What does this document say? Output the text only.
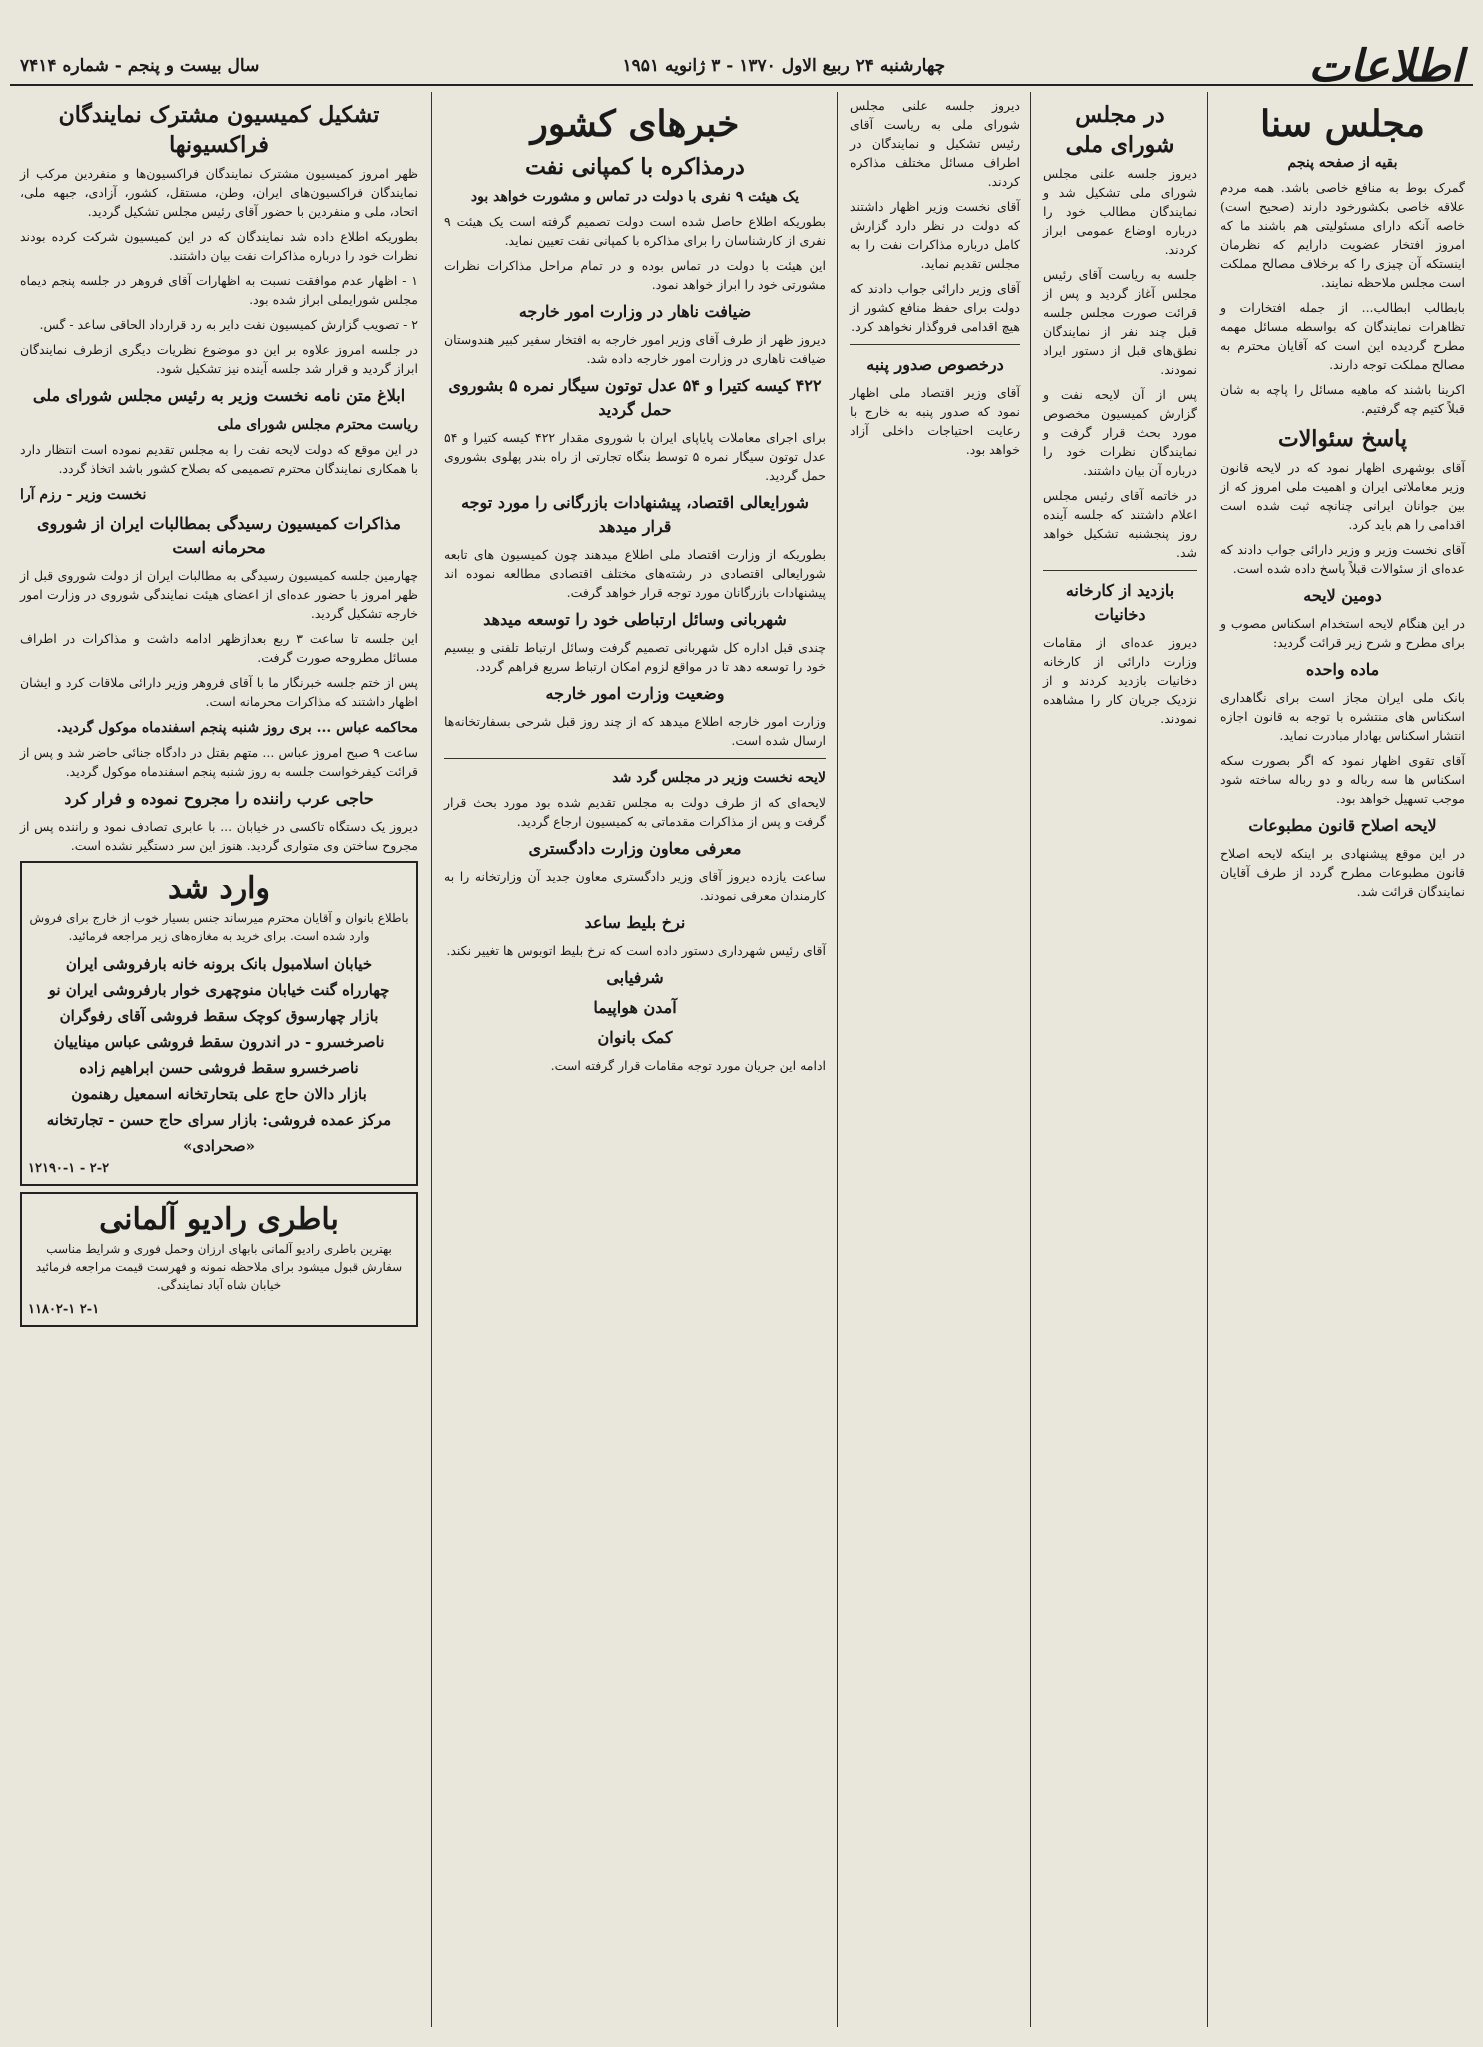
اطلاعات
چهارشنبه ۲۴ ربیع الاول ۱۳۷۰ - ۳ ژانویه ۱۹۵۱
سال بیست و پنجم - شماره ۷۴۱۴
مجلس سنا
بقیه از صفحه پنجم

گمرک بوط به منافع خاصی باشد. همه مردم علاقه خاصی بکشورخود دارند (صحیح است) خاصه آنکه دارای مسئولیتی هم باشند ما که امروز افتخار عضویت دارایم که نظرمان اینستکه آن چیزی را که برخلاف مصالح مملکت است مجلس ملاحظه نمایند.

بابطالب ابطالب... از جمله افتخارات و تظاهرات نمایندگان که بواسطه مسائل مهمه مطرح گردیده این است که آقایان محترم به مصالح مملکت توجه دارند.

اکرینا باشند که ماهیه مسائل را پاچه به شان قبلاً کتیم چه گرفتیم.

پاسخ سئوالات

آقای بوشهری اظهار نمود که در لایحه قانون وزیر معاملاتی ایران و اهمیت ملی امروز که از بین جوانان ایرانی چنانچه ثبت شده است اقدامی را هم باید کرد.

آقای نخست وزیر و وزیر دارائی جواب دادند که عده‌ای از سئوالات قبلاً پاسخ داده شده است.

دومین لایحه

در این هنگام لایحه استخدام اسکناس مصوب و برای مطرح و شرح زیر قرائت گردید:

ماده واحده

بانک ملی ایران مجاز است برای نگاهداری اسکناس های منتشره با توجه به قانون اجازه انتشار اسکناس بهادار مبادرت نماید.

آقای تقوی اظهار نمود که اگر بصورت سکه اسکناس ها سه رباله و دو رباله ساخته شود موجب تسهیل خواهد بود.

لایحه اصلاح قانون مطبوعات

در این موقع پیشنهادی بر اینکه لایحه اصلاح قانون مطبوعات مطرح گردد از طرف آقایان نمایندگان قرائت شد.

در مجلس شورای ملی

دیروز جلسه علنی مجلس شورای ملی تشکیل شد و نمایندگان مطالب خود را درباره اوضاع عمومی ابراز کردند.

جلسه به ریاست آقای رئیس مجلس آغاز گردید و پس از قرائت صورت مجلس جلسه قبل چند نفر از نمایندگان نطق‌های قبل از دستور ایراد نمودند.

پس از آن لایحه نفت و گزارش کمیسیون مخصوص مورد بحث قرار گرفت و نمایندگان نظرات خود را درباره آن بیان داشتند.

در خاتمه آقای رئیس مجلس اعلام داشتند که جلسه آینده روز پنجشنبه تشکیل خواهد شد.

بازدید از کارخانه دخانیات

دیروز عده‌ای از مقامات وزارت دارائی از کارخانه دخانیات بازدید کردند و از نزدیک جریان کار را مشاهده نمودند.

دیروز جلسه علنی مجلس شورای ملی به ریاست آقای رئیس تشکیل و نمایندگان در اطراف مسائل مختلف مذاکره کردند.

آقای نخست وزیر اظهار داشتند که دولت در نظر دارد گزارش کامل درباره مذاکرات نفت را به مجلس تقدیم نماید.

آقای وزیر دارائی جواب دادند که دولت برای حفظ منافع کشور از هیچ اقدامی فروگذار نخواهد کرد.

درخصوص صدور پنبه

آقای وزیر اقتصاد ملی اظهار نمود که صدور پنبه به خارج با رعایت احتیاجات داخلی آزاد خواهد بود.

خبرهای کشور
درمذاکره با کمپانی نفت
یک هیئت ۹ نفری با دولت در تماس و مشورت خواهد بود

بطوریکه اطلاع حاصل شده است دولت تصمیم گرفته است یک هیئت ۹ نفری از کارشناسان را برای مذاکره با کمپانی نفت تعیین نماید.

این هیئت با دولت در تماس بوده و در تمام مراحل مذاکرات نظرات مشورتی خود را ابراز خواهد نمود.

ضیافت ناهار در وزارت امور خارجه

دیروز ظهر از طرف آقای وزیر امور خارجه به افتخار سفیر کبیر هندوستان ضیافت ناهاری در وزارت امور خارجه داده شد.

۴۲۲ کیسه کتیرا و ۵۴ عدل توتون سیگار نمره ۵ بشوروی حمل گردید

برای اجرای معاملات پایاپای ایران با شوروی مقدار ۴۲۲ کیسه کتیرا و ۵۴ عدل توتون سیگار نمره ۵ توسط بنگاه تجارتی از راه بندر پهلوی بشوروی حمل گردید.

شورایعالی اقتصاد، پیشنهادات بازرگانی را مورد توجه قرار میدهد

بطوریکه از وزارت اقتصاد ملی اطلاع میدهند چون کمیسیون های تابعه شورایعالی اقتصادی در رشته‌های مختلف اقتصادی مطالعه نموده اند پیشنهادات بازرگانان مورد توجه قرار خواهد گرفت.

شهربانی وسائل ارتباطی خود را توسعه میدهد

چندی قبل اداره کل شهربانی تصمیم گرفت وسائل ارتباط تلفنی و بیسیم خود را توسعه دهد تا در مواقع لزوم امکان ارتباط سریع فراهم گردد.

وضعیت وزارت امور خارجه

وزارت امور خارجه اطلاع میدهد که از چند روز قبل شرحی بسفارتخانه‌ها ارسال شده است.

لایحه نخست وزیر در مجلس گرد شد

لایحه‌ای که از طرف دولت به مجلس تقدیم شده بود مورد بحث قرار گرفت و پس از مذاکرات مقدماتی به کمیسیون ارجاع گردید.

معرفی معاون وزارت دادگستری

ساعت یازده دیروز آقای وزیر دادگستری معاون جدید آن وزارتخانه را به کارمندان معرفی نمودند.

نرخ بلیط ساعد

آقای رئیس شهرداری دستور داده است که نرخ بلیط اتوبوس ها تغییر نکند.

شرفیابی
آمدن هواپیما
کمک بانوان

ادامه این جریان مورد توجه مقامات قرار گرفته است.

تشکیل کمیسیون مشترک نمایندگان فراکسیونها

ظهر امروز کمیسیون مشترک نمایندگان فراکسیون‌ها و منفردین مرکب از نمایندگان فراکسیون‌های ایران، وطن، مستقل، کشور، آزادی، جبهه ملی، اتحاد، ملی و منفردین با حضور آقای رئیس مجلس تشکیل گردید.

بطوریکه اطلاع داده شد نمایندگان که در این کمیسیون شرکت کرده بودند نظرات خود را درباره مذاکرات نفت بیان داشتند.

۱ - اظهار عدم موافقت نسبت به اظهارات آقای فروهر در جلسه پنجم دیماه مجلس شورایملی ابراز شده بود.

۲ - تصویب گزارش کمیسیون نفت دایر به رد قرارداد الحاقی ساعد - گس.

در جلسه امروز علاوه بر این دو موضوع نظریات دیگری ازطرف نمایندگان ابراز گردید و قرار شد جلسه آینده نیز تشکیل شود.

ابلاغ متن نامه نخست وزیر به رئیس مجلس شورای ملی
ریاست محترم مجلس شورای ملی

در این موقع که دولت لایحه نفت را به مجلس تقدیم نموده است انتظار دارد با همکاری نمایندگان محترم تصمیمی که بصلاح کشور باشد اتخاذ گردد.

نخست وزیر - رزم آرا
مذاکرات کمیسیون رسیدگی بمطالبات ایران از شوروی محرمانه است

چهارمین جلسه کمیسیون رسیدگی به مطالبات ایران از دولت شوروی قبل از ظهر امروز با حضور عده‌ای از اعضای هیئت نمایندگی شوروی در وزارت امور خارجه تشکیل گردید.

این جلسه تا ساعت ۳ ربع بعدازظهر ادامه داشت و مذاکرات در اطراف مسائل مطروحه صورت گرفت.

پس از ختم جلسه خبرنگار ما با آقای فروهر وزیر دارائی ملاقات کرد و ایشان اظهار داشتند که مذاکرات محرمانه است.

محاکمه عباس ... بری روز شنبه پنجم اسفندماه موکول گردید.

ساعت ۹ صبح امروز عباس ... متهم بقتل در دادگاه جنائی حاضر شد و پس از قرائت کیفرخواست جلسه به روز شنبه پنجم اسفندماه موکول گردید.

حاجی عرب راننده را مجروح نموده و فرار کرد

دیروز یک دستگاه تاکسی در خیابان ... با عابری تصادف نمود و راننده پس از مجروح ساختن وی متواری گردید. هنوز این سر دستگیر نشده است.

وارد شد

باطلاع بانوان و آقایان محترم میرساند جنس بسیار خوب از خارج برای فروش وارد شده است. برای خرید به مغازه‌های زیر مراجعه فرمائید.

خیابان اسلامبول بانک برونه خانه بارفروشی ایران
چهارراه گنت خیابان منوچهری خوار بارفروشی ایران نو
بازار چهارسوق کوچک سقط فروشی آقای رفوگران
ناصرخسرو - در اندرون سقط فروشی عباس میناییان
ناصرخسرو سقط فروشی حسن ابراهیم زاده
بازار دالان حاج علی بتحارتخانه اسمعیل رهنمون
مرکز عمده فروشی: بازار سرای حاج حسن - تجارتخانه «صحرادی»
۱۲۱۹۰-۱ - ۲-۲
باطری رادیو آلمانی

بهترین باطری رادیو آلمانی بابهای ارزان وحمل فوری و شرایط مناسب سفارش قبول میشود برای ملاحظه نمونه و فهرست قیمت مراجعه فرمائید خیابان شاه آباد نمایندگی.

۱۱۸۰۲-۱ ۲-۱
